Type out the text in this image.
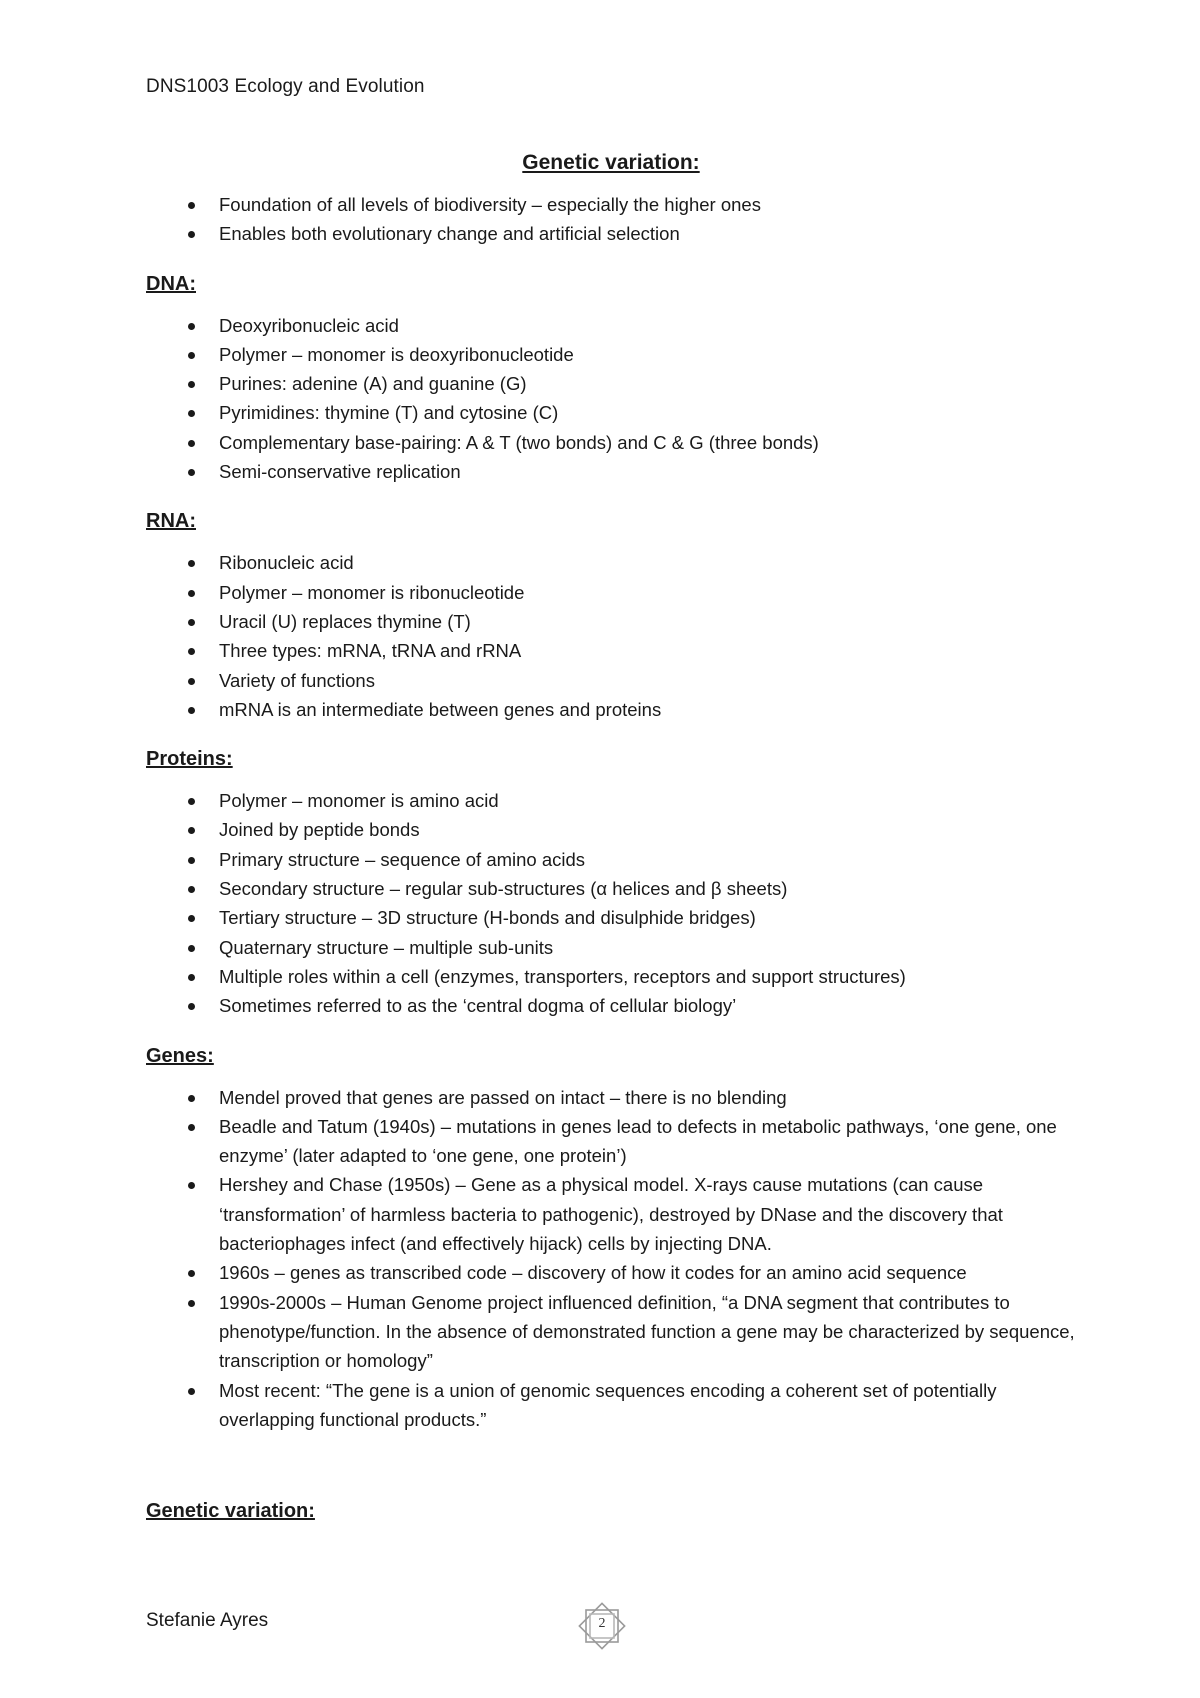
DNS1003 Ecology and Evolution
Genetic variation:
Foundation of all levels of biodiversity – especially the higher ones
Enables both evolutionary change and artificial selection
DNA:
Deoxyribonucleic acid
Polymer – monomer is deoxyribonucleotide
Purines: adenine (A) and guanine (G)
Pyrimidines: thymine (T) and cytosine (C)
Complementary base-pairing: A & T (two bonds) and C & G (three bonds)
Semi-conservative replication
RNA:
Ribonucleic acid
Polymer – monomer is ribonucleotide
Uracil (U) replaces thymine (T)
Three types: mRNA, tRNA and rRNA
Variety of functions
mRNA is an intermediate between genes and proteins
Proteins:
Polymer – monomer is amino acid
Joined by peptide bonds
Primary structure – sequence of amino acids
Secondary structure – regular sub-structures (α helices and β sheets)
Tertiary structure – 3D structure (H-bonds and disulphide bridges)
Quaternary structure – multiple sub-units
Multiple roles within a cell (enzymes, transporters, receptors and support structures)
Sometimes referred to as the ‘central dogma of cellular biology’
Genes:
Mendel proved that genes are passed on intact – there is no blending
Beadle and Tatum (1940s) – mutations in genes lead to defects in metabolic pathways, ‘one gene, one enzyme’ (later adapted to ‘one gene, one protein’)
Hershey and Chase (1950s) – Gene as a physical model. X-rays cause mutations (can cause ‘transformation’ of harmless bacteria to pathogenic), destroyed by DNase and the discovery that bacteriophages infect (and effectively hijack) cells by injecting DNA.
1960s – genes as transcribed code – discovery of how it codes for an amino acid sequence
1990s-2000s – Human Genome project influenced definition, “a DNA segment that contributes to phenotype/function. In the absence of demonstrated function a gene may be characterized by sequence, transcription or homology”
Most recent: “The gene is a union of genomic sequences encoding a coherent set of potentially overlapping functional products.”
Genetic variation:
Stefanie Ayres	2
